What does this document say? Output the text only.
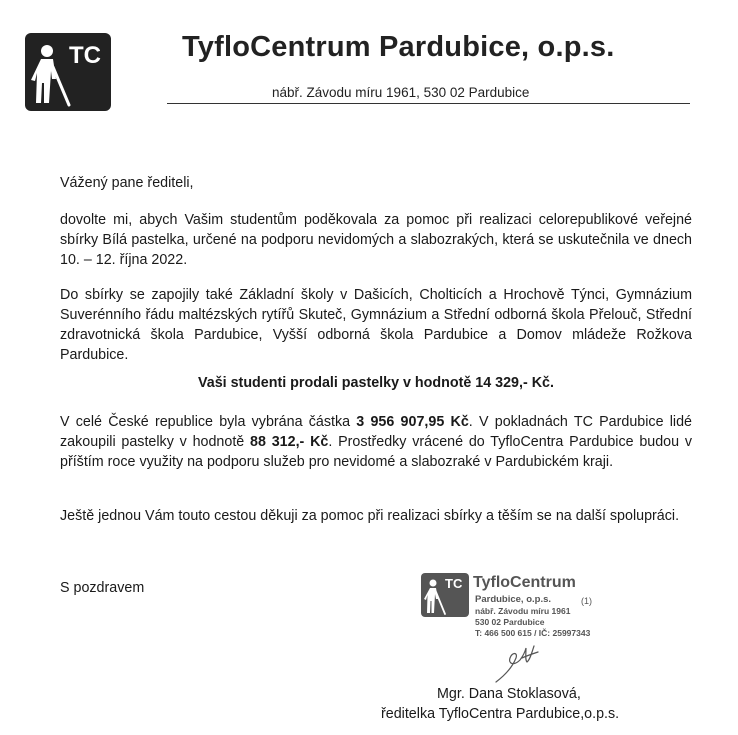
TC	TyfloCentrum Pardubice, o.p.s.
nábř. Závodu míru 1961, 530 02 Pardubice
Vážený pane řediteli,
dovolte mi, abych Vašim studentům poděkovala za pomoc při realizaci celorepublikové veřejné sbírky Bílá pastelka, určené na podporu nevidomých a slabozrakých, která se uskutečnila ve dnech 10. – 12. října 2022.
Do sbírky se zapojily také Základní školy v Dašicích, Cholticích a Hrochově Týnci, Gymnázium Suverénního řádu maltézských rytířů Skuteč, Gymnázium a Střední odborná škola Přelouč, Střední zdravotnická škola Pardubice, Vyšší odborná škola Pardubice a Domov mládeže Rožkova Pardubice.
Vaši studenti prodali pastelky v hodnotě 14 329,- Kč.
V celé České republice byla vybrána částka 3 956 907,95 Kč. V pokladnách TC Pardubice lidé zakoupili pastelky v hodnotě 88 312,- Kč. Prostředky vrácené do TyfloCentra Pardubice budou v příštím roce využity na podporu služeb pro nevidomé a slabozraké v Pardubickém kraji.
Ještě jednou Vám touto cestou děkuji za pomoc při realizaci sbírky a těším se na další spolupráci.
S pozdravem	TC TyfloCentrum
Pardubice, o.p.s.	(1)
nábř. Závodu míru 1961
530 02 Pardubice
T: 466 500 615 / IČ: 25997343
Mgr. Dana Stoklasová,
ředitelka TyfloCentra Pardubice,o.p.s.
